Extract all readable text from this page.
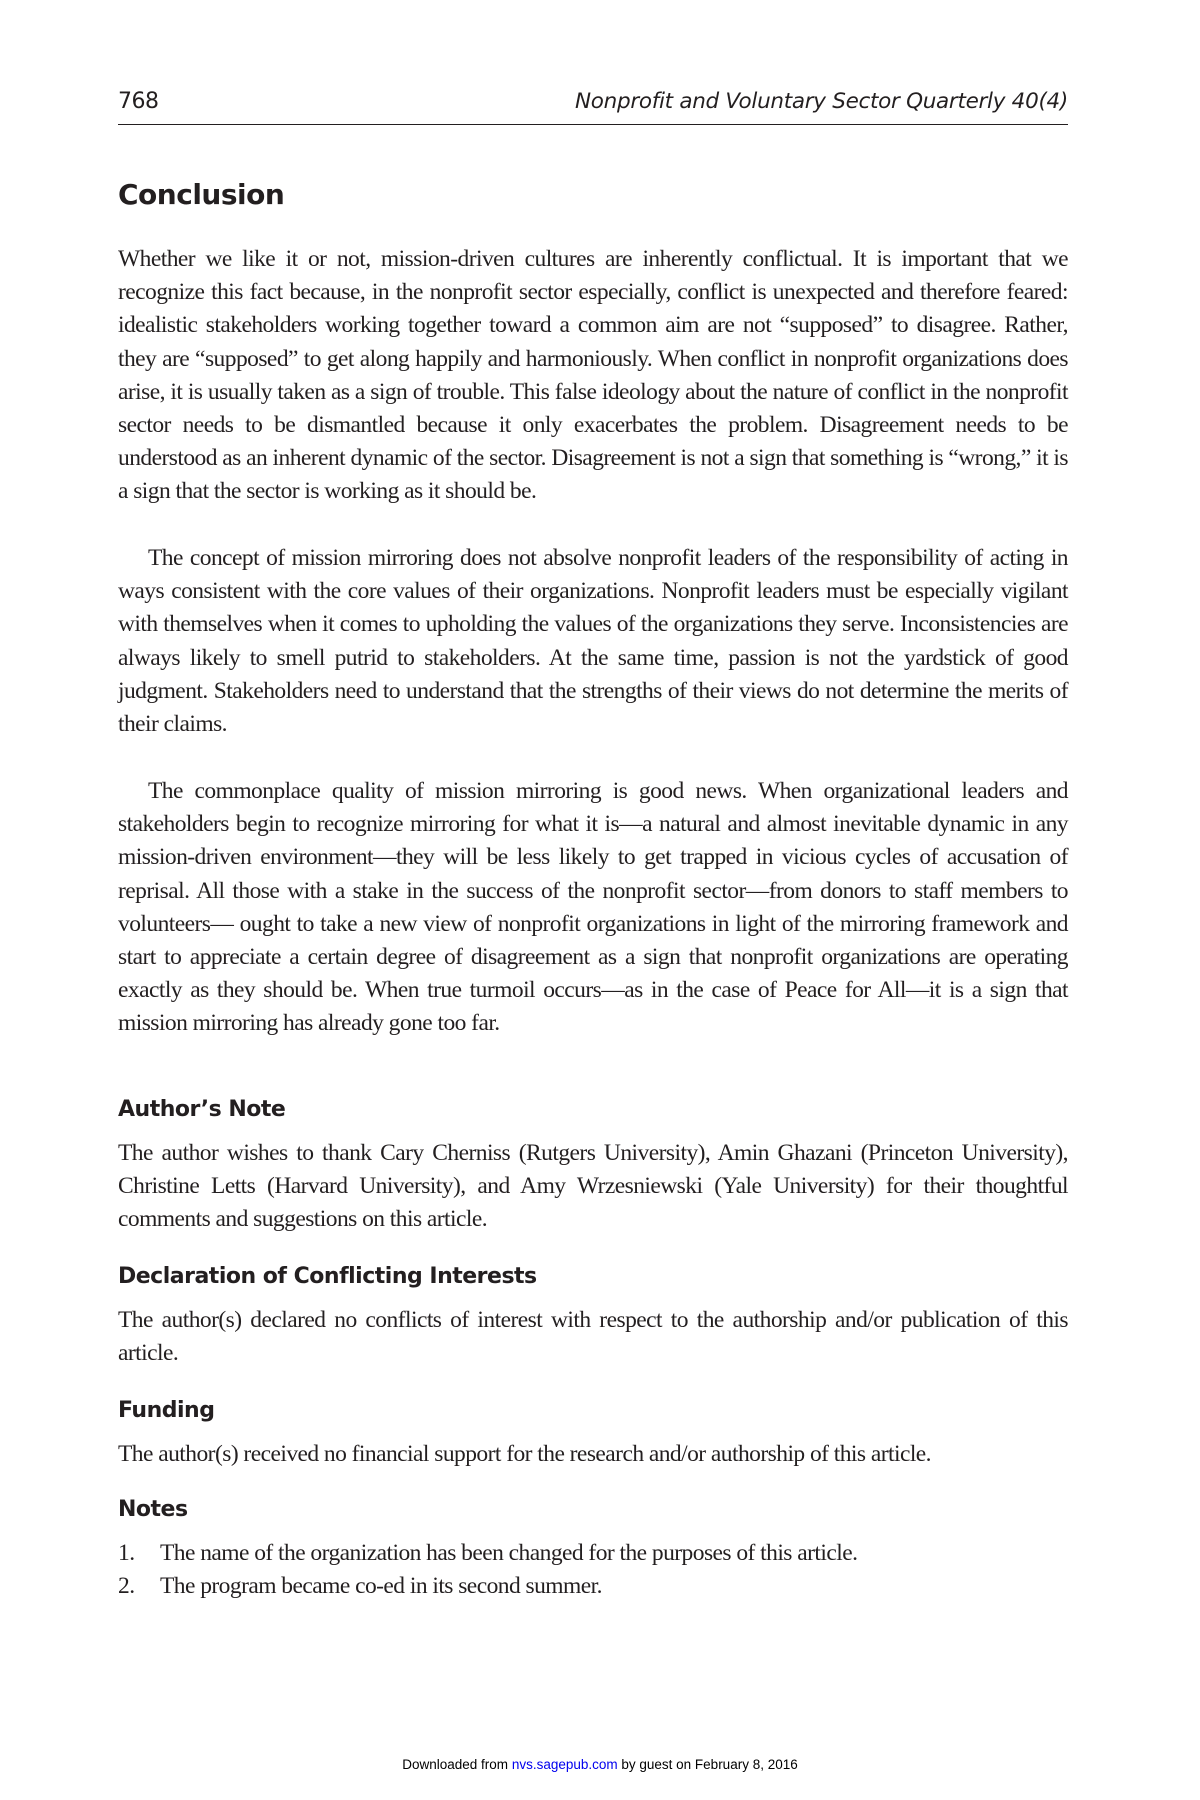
768	Nonprofit and Voluntary Sector Quarterly 40(4)
Conclusion

Whether we like it or not, mission-driven cultures are inherently conflictual. It is important that we recognize this fact because, in the nonprofit sector especially, conflict is unexpected and therefore feared: idealistic stakeholders working together toward a common aim are not “supposed” to disagree. Rather, they are “supposed” to get along happily and harmoniously. When conflict in nonprofit organizations does arise, it is usually taken as a sign of trouble. This false ideology about the nature of conflict in the nonprofit sector needs to be dismantled because it only exacerbates the problem. Disagreement needs to be understood as an inherent dynamic of the sector. Disagreement is not a sign that something is “wrong,” it is a sign that the sector is working as it should be.

The concept of mission mirroring does not absolve nonprofit leaders of the responsibility of acting in ways consistent with the core values of their organizations. Nonprofit leaders must be especially vigilant with themselves when it comes to upholding the values of the organizations they serve. Inconsistencies are always likely to smell putrid to stakeholders. At the same time, passion is not the yardstick of good judgment. Stakeholders need to understand that the strengths of their views do not determine the merits of their claims.

The commonplace quality of mission mirroring is good news. When organizational leaders and stakeholders begin to recognize mirroring for what it is—a natural and almost inevitable dynamic in any mission-driven environment—they will be less likely to get trapped in vicious cycles of accusation of reprisal. All those with a stake in the success of the nonprofit sector—from donors to staff members to volunteers— ought to take a new view of nonprofit organizations in light of the mirroring framework and start to appreciate a certain degree of disagreement as a sign that nonprofit organizations are operating exactly as they should be. When true turmoil occurs—as in the case of Peace for All—it is a sign that mission mirroring has already gone too far.

Author’s Note

The author wishes to thank Cary Cherniss (Rutgers University), Amin Ghazani (Princeton University), Christine Letts (Harvard University), and Amy Wrzesniewski (Yale University) for their thoughtful comments and suggestions on this article.

Declaration of Conflicting Interests

The author(s) declared no conflicts of interest with respect to the authorship and/or publication of this article.

Funding

The author(s) received no financial support for the research and/or authorship of this article.

Notes
1. The name of the organization has been changed for the purposes of this article.
2. The program became co-ed in its second summer.
Downloaded from nvs.sagepub.com by guest on February 8, 2016
